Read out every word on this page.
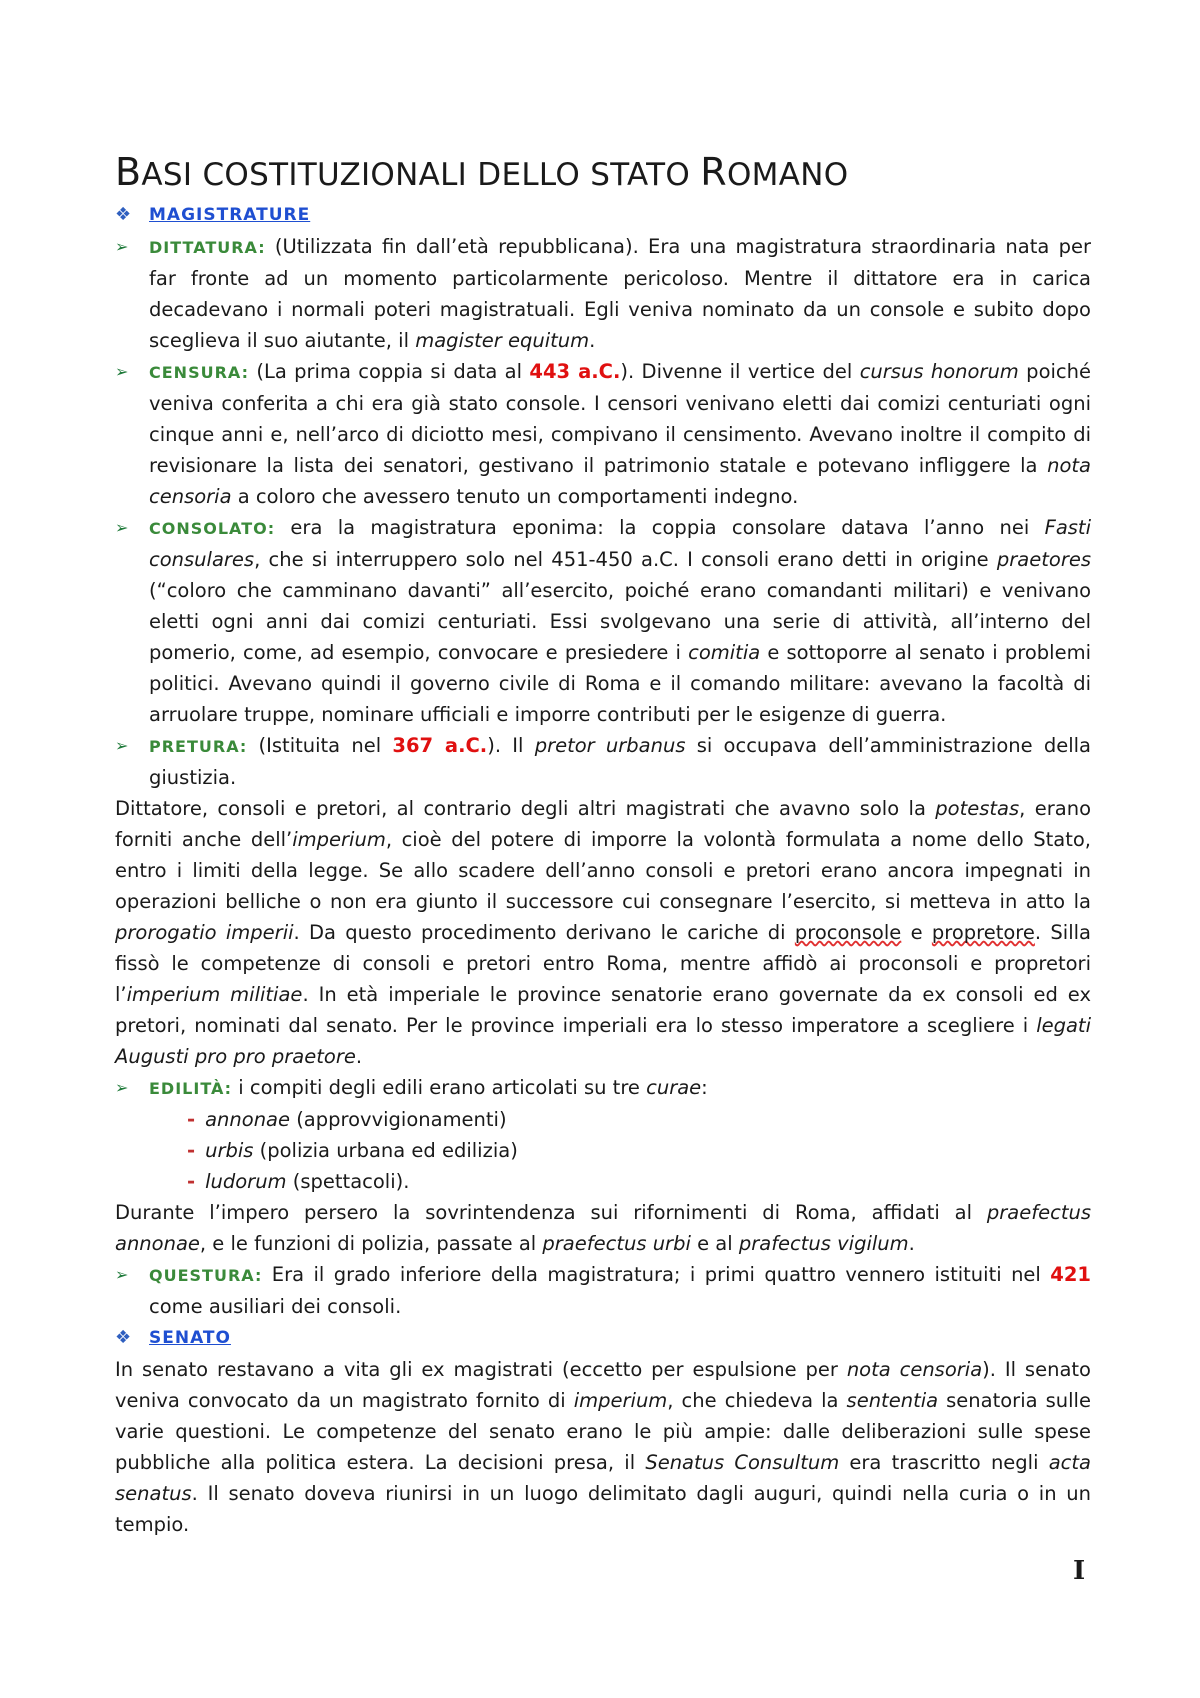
BASI COSTITUZIONALI DELLO STATO ROMANO
❖	MAGISTRATURE
➢	DITTATURA: (Utilizzata fin dall’età repubblicana). Era una magistratura straordinaria nata per far fronte ad un momento particolarmente pericoloso. Mentre il dittatore era in carica decadevano i normali poteri magistratuali. Egli veniva nominato da un console e subito dopo sceglieva il suo aiutante, il magister equitum.
➢	CENSURA: (La prima coppia si data al 443 a.C.). Divenne il vertice del cursus honorum poiché veniva conferita a chi era già stato console. I censori venivano eletti dai comizi centuriati ogni cinque anni e, nell’arco di diciotto mesi, compivano il censimento. Avevano inoltre il compito di revisionare la lista dei senatori, gestivano il patrimonio statale e potevano infliggere la nota censoria a coloro che avessero tenuto un comportamenti indegno.
➢	CONSOLATO: era la magistratura eponima: la coppia consolare datava l’anno nei Fasti consulares, che si interruppero solo nel 451-450 a.C. I consoli erano detti in origine praetores (“coloro che camminano davanti” all’esercito, poiché erano comandanti militari) e venivano eletti ogni anni dai comizi centuriati. Essi svolgevano una serie di attività, all’interno del pomerio, come, ad esempio, convocare e presiedere i comitia e sottoporre al senato i problemi politici. Avevano quindi il governo civile di Roma e il comando militare: avevano la facoltà di arruolare truppe, nominare ufficiali e imporre contributi per le esigenze di guerra.
➢	PRETURA: (Istituita nel 367 a.C.). Il pretor urbanus si occupava dell’amministrazione della giustizia.
Dittatore, consoli e pretori, al contrario degli altri magistrati che avavno solo la potestas, erano forniti anche dell’imperium, cioè del potere di imporre la volontà formulata a nome dello Stato, entro i limiti della legge. Se allo scadere dell’anno consoli e pretori erano ancora impegnati in operazioni belliche o non era giunto il successore cui consegnare l’esercito, si metteva in atto la prorogatio imperii. Da questo procedimento derivano le cariche di proconsole e propretore. Silla fissò le competenze di consoli e pretori entro Roma, mentre affidò ai proconsoli e propretori l’imperium militiae. In età imperiale le province senatorie erano governate da ex consoli ed ex pretori, nominati dal senato. Per le province imperiali era lo stesso imperatore a scegliere i legati Augusti pro pro praetore.
➢	EDILITÀ: i compiti degli edili erano articolati su tre curae:
- annonae (approvvigionamenti)
- urbis (polizia urbana ed edilizia)
- ludorum (spettacoli).
Durante l’impero persero la sovrintendenza sui rifornimenti di Roma, affidati al praefectus annonae, e le funzioni di polizia, passate al praefectus urbi e al prafectus vigilum.
➢	QUESTURA: Era il grado inferiore della magistratura; i primi quattro vennero istituiti nel 421 come ausiliari dei consoli.
❖	SENATO
In senato restavano a vita gli ex magistrati (eccetto per espulsione per nota censoria). Il senato veniva convocato da un magistrato fornito di imperium, che chiedeva la sententia senatoria sulle varie questioni. Le competenze del senato erano le più ampie: dalle deliberazioni sulle spese pubbliche alla politica estera. La decisioni presa, il Senatus Consultum era trascritto negli acta senatus. Il senato doveva riunirsi in un luogo delimitato dagli auguri, quindi nella curia o in un tempio.
I
